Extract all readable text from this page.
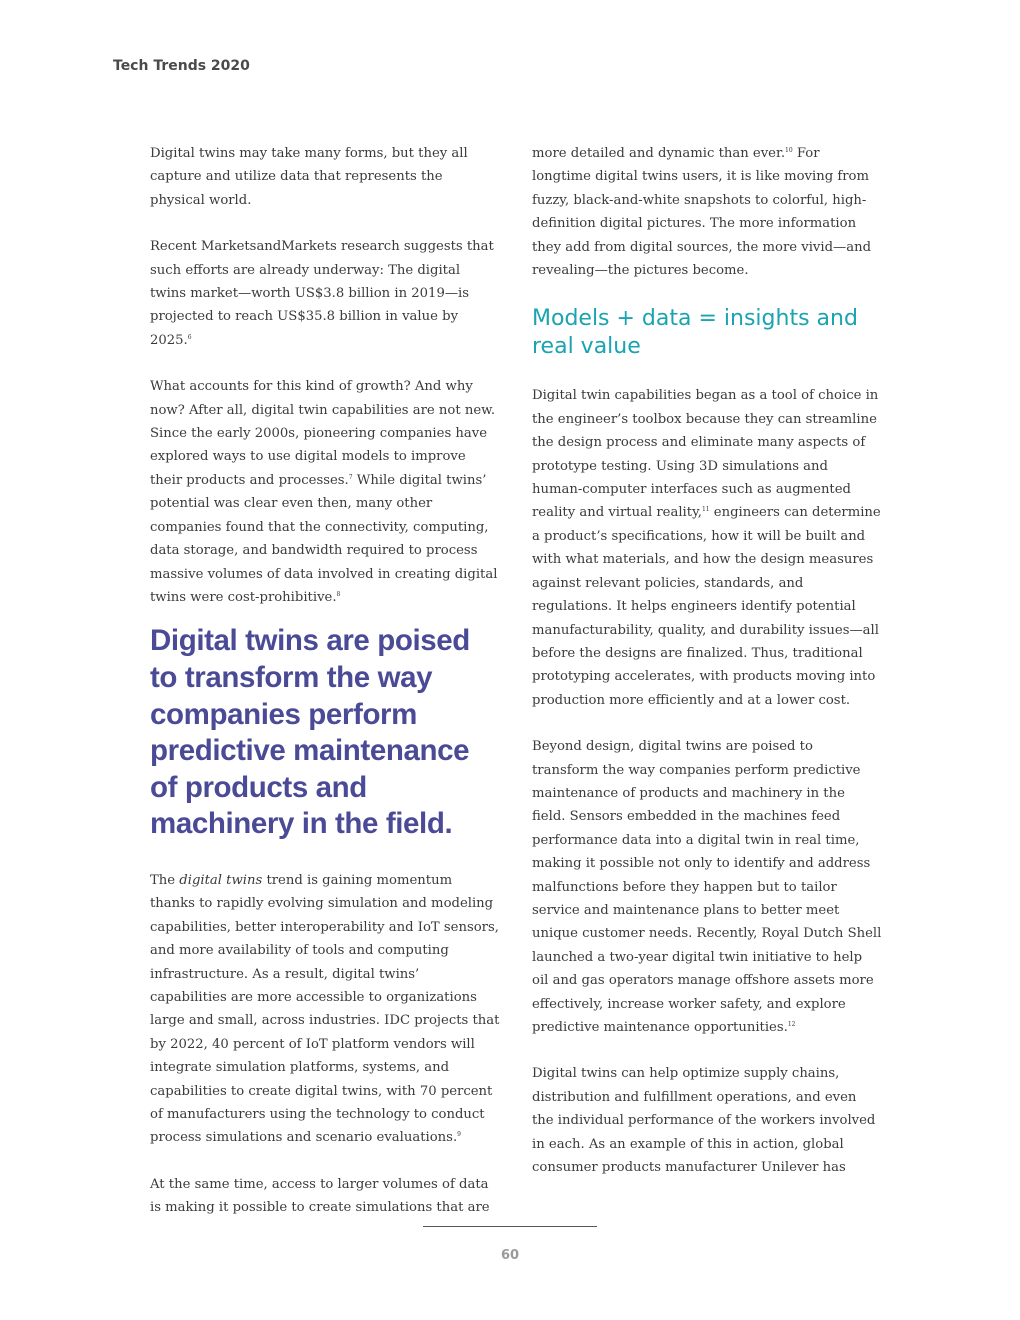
Tech Trends 2020

Digital twins may take many forms, but they all capture and utilize data that represents the physical world.

Recent MarketsandMarkets research suggests that such efforts are already underway: The digital twins market—worth US$3.8 billion in 2019—is projected to reach US$35.8 billion in value by 2025.$^6$

What accounts for this kind of growth? And why now? After all, digital twin capabilities are not new. Since the early 2000s, pioneering companies have explored ways to use digital models to improve their products and processes.$^7$ While digital twins’ potential was clear even then, many other companies found that the connectivity, computing, data storage, and bandwidth required to process massive volumes of data involved in creating digital twins were cost-prohibitive.$^8$

Digital twins are poised to transform the way companies perform predictive maintenance of products and machinery in the field.

The digital twins trend is gaining momentum thanks to rapidly evolving simulation and modeling capabilities, better interoperability and IoT sensors, and more availability of tools and computing infrastructure. As a result, digital twins’ capabilities are more accessible to organizations large and small, across industries. IDC projects that by 2022, 40 percent of IoT platform vendors will integrate simulation platforms, systems, and capabilities to create digital twins, with 70 percent of manufacturers using the technology to conduct process simulations and scenario evaluations.$^9$

At the same time, access to larger volumes of data is making it possible to create simulations that are

more detailed and dynamic than ever.$^{10}$ For longtime digital twins users, it is like moving from fuzzy, black-and-white snapshots to colorful, high-definition digital pictures. The more information they add from digital sources, the more vivid—and revealing—the pictures become.

Models + data = insights and real value

Digital twin capabilities began as a tool of choice in the engineer’s toolbox because they can streamline the design process and eliminate many aspects of prototype testing. Using 3D simulations and human-computer interfaces such as augmented reality and virtual reality,$^{11}$ engineers can determine a product’s specifications, how it will be built and with what materials, and how the design measures against relevant policies, standards, and regulations. It helps engineers identify potential manufacturability, quality, and durability issues—all before the designs are finalized. Thus, traditional prototyping accelerates, with products moving into production more efficiently and at a lower cost.

Beyond design, digital twins are poised to transform the way companies perform predictive maintenance of products and machinery in the field. Sensors embedded in the machines feed performance data into a digital twin in real time, making it possible not only to identify and address malfunctions before they happen but to tailor service and maintenance plans to better meet unique customer needs. Recently, Royal Dutch Shell launched a two-year digital twin initiative to help oil and gas operators manage offshore assets more effectively, increase worker safety, and explore predictive maintenance opportunities.$^{12}$

Digital twins can help optimize supply chains, distribution and fulfillment operations, and even the individual performance of the workers involved in each. As an example of this in action, global consumer products manufacturer Unilever has

60
